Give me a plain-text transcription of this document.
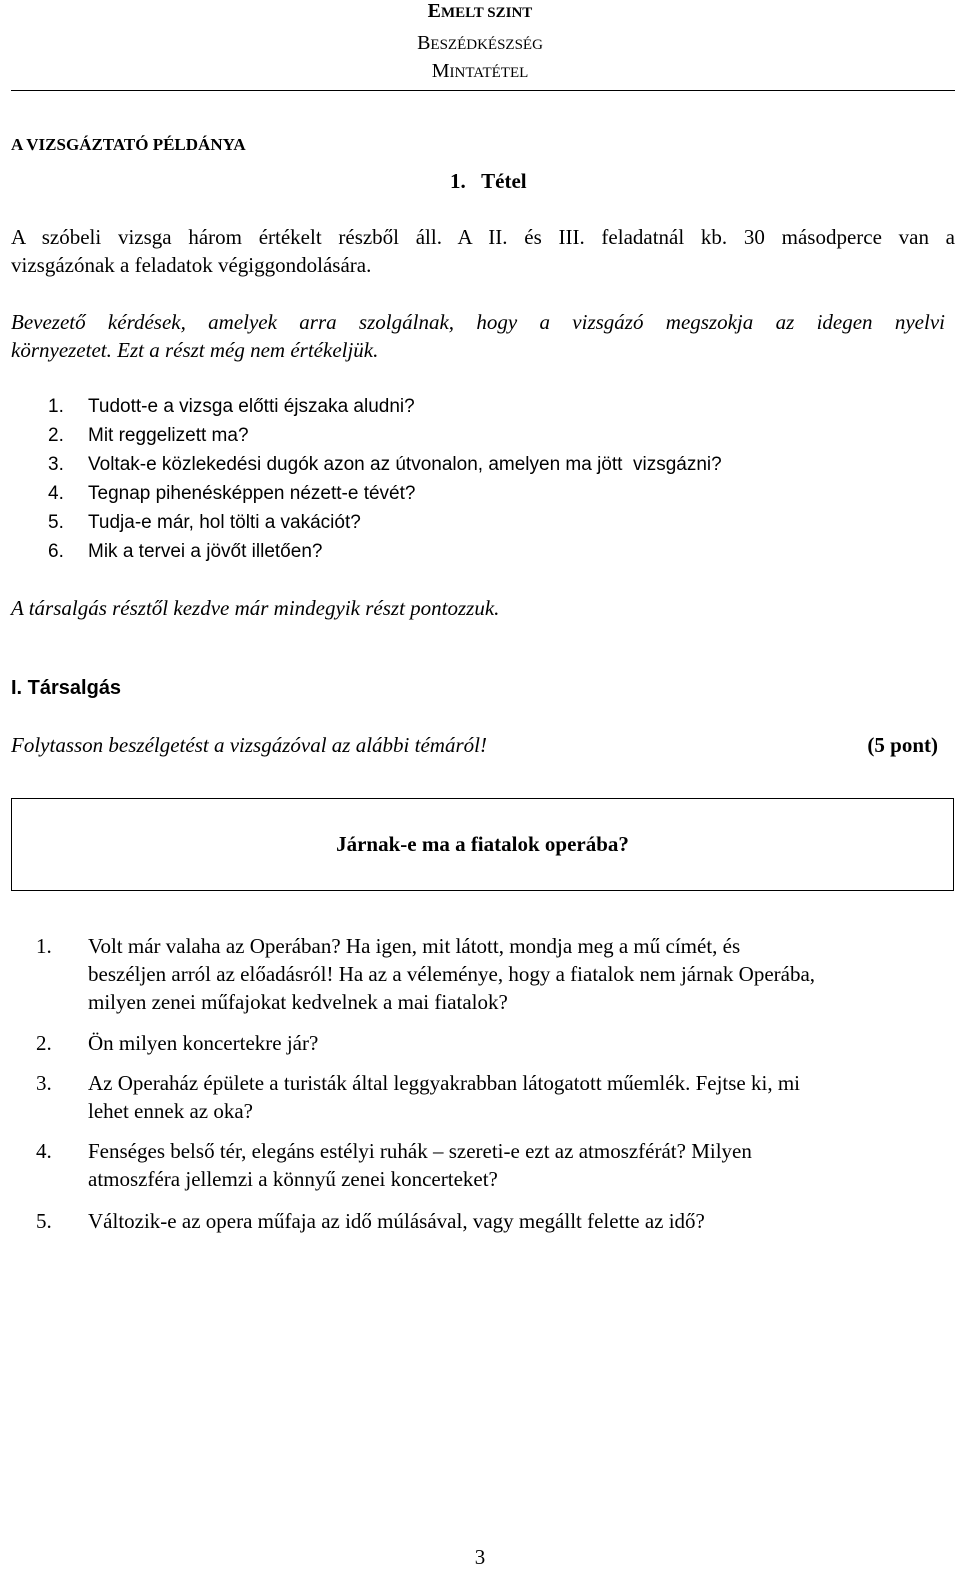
EMELT SZINT
BESZÉDKÉSZSÉG
MINTATÉTEL
A VIZSGÁZTATÓ PÉLDÁNYA
1.   Tétel
A szóbeli vizsga három értékelt részből áll. A II. és III. feladatnál kb. 30 másodperce van a
vizsgázónak a feladatok végiggondolására.
Bevezető kérdések, amelyek arra szolgálnak, hogy a vizsgázó megszokja az idegen nyelvi
környezetet. Ezt a részt még nem értékeljük.
1.	Tudott-e a vizsga előtti éjszaka aludni?
2.	Mit reggelizett ma?
3.	Voltak-e közlekedési dugók azon az útvonalon, amelyen ma jött  vizsgázni?
4.	Tegnap pihenésképpen nézett-e tévét?
5.	Tudja-e már, hol tölti a vakációt?
6.	Mik a tervei a jövőt illetően?
A társalgás résztől kezdve már mindegyik részt pontozzuk.
I. Társalgás
Folytasson beszélgetést a vizsgázóval az alábbi témáról!	(5 pont)
Járnak-e ma a fiatalok operába?
1.	Volt már valaha az Operában? Ha igen, mit látott, mondja meg a mű címét, és
beszéljen arról az előadásról! Ha az a véleménye, hogy a fiatalok nem járnak Operába,
milyen zenei műfajokat kedvelnek a mai fiatalok?
2.	Ön milyen koncertekre jár?
3.	Az Operaház épülete a turisták által leggyakrabban látogatott műemlék. Fejtse ki, mi
lehet ennek az oka?
4.	Fenséges belső tér, elegáns estélyi ruhák – szereti-e ezt az atmoszférát? Milyen
atmoszféra jellemzi a könnyű zenei koncerteket?
5.	Változik-e az opera műfaja az idő múlásával, vagy megállt felette az idő?
3
